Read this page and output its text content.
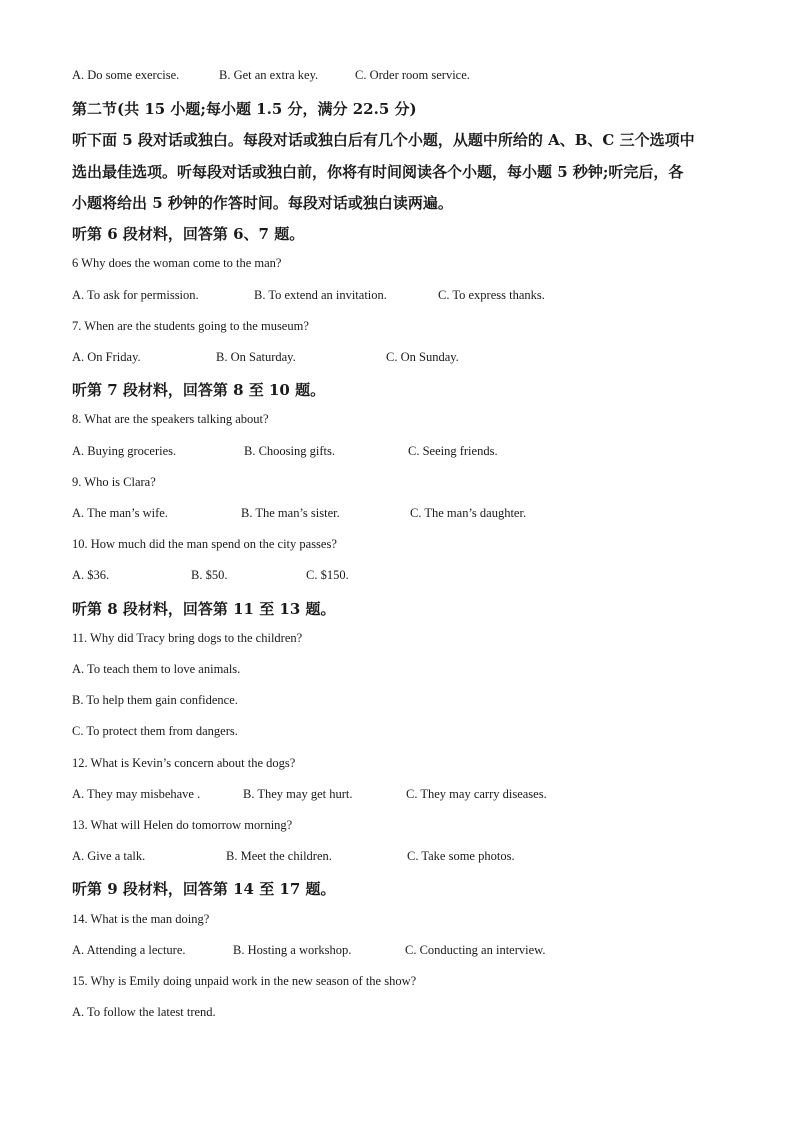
A. Do some exercise.	B. Get an extra key.	C. Order room service.
第二节(共 15 小题;每小题 1.5 分，满分 22.5 分)
听下面 5 段对话或独白。每段对话或独白后有几个小题，从题中所给的 A、B、C 三个选项中
选出最佳选项。听每段对话或独白前，你将有时间阅读各个小题，每小题 5 秒钟;听完后，各
小题将给出 5 秒钟的作答时间。每段对话或独白读两遍。
听第 6 段材料，回答第 6、7 题。
6 Why does the woman come to the man?
A. To ask for permission.	B. To extend an invitation.	C. To express thanks.
7. When are the students going to the museum?
A. On Friday.	B. On Saturday.	C. On Sunday.
听第 7 段材料，回答第 8 至 10 题。
8. What are the speakers talking about?
A. Buying groceries.	B. Choosing gifts.	C. Seeing friends.
9. Who is Clara?
A. The man’s wife.	B. The man’s sister.	C. The man’s daughter.
10. How much did the man spend on the city passes?
A. $36.	B. $50.	C. $150.
听第 8 段材料，回答第 11 至 13 题。
11. Why did Tracy bring dogs to the children?
A. To teach them to love animals.
B. To help them gain confidence.
C. To protect them from dangers.
12. What is Kevin’s concern about the dogs?
A. They may misbehave .	B. They may get hurt.	C. They may carry diseases.
13. What will Helen do tomorrow morning?
A. Give a talk.	B. Meet the children.	C. Take some photos.
听第 9 段材料，回答第 14 至 17 题。
14. What is the man doing?
A. Attending a lecture.	B. Hosting a workshop.	C. Conducting an interview.
15. Why is Emily doing unpaid work in the new season of the show?
A. To follow the latest trend.
